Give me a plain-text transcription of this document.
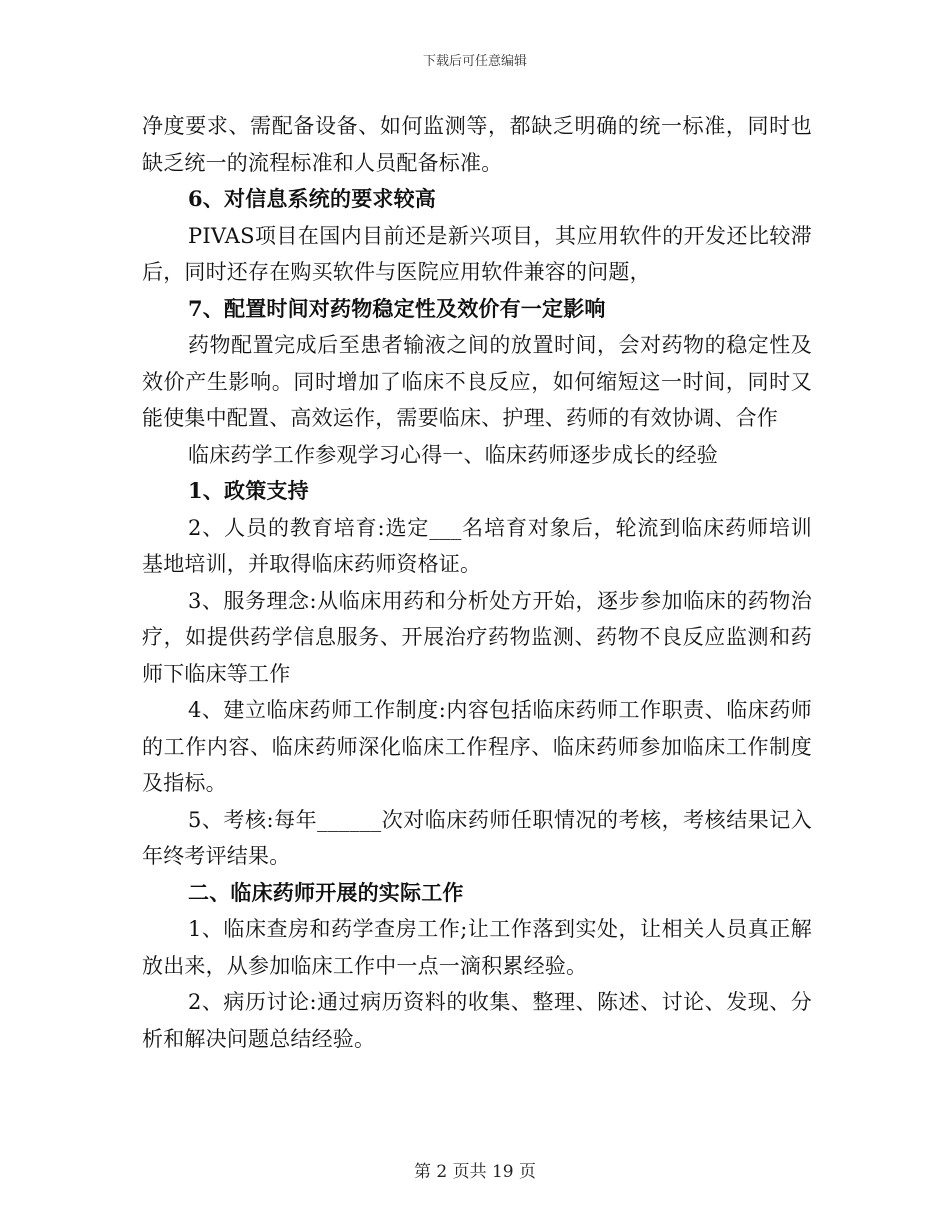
下载后可任意编辑

净度要求、需配备设备、如何监测等，都缺乏明确的统一标准，同时也缺乏统一的流程标准和人员配备标准。

6、对信息系统的要求较高

PIVAS项目在国内目前还是新兴项目，其应用软件的开发还比较滞后，同时还存在购买软件与医院应用软件兼容的问题，

7、配置时间对药物稳定性及效价有一定影响

药物配置完成后至患者输液之间的放置时间，会对药物的稳定性及效价产生影响。同时增加了临床不良反应，如何缩短这一时间，同时又能使集中配置、高效运作，需要临床、护理、药师的有效协调、合作

临床药学工作参观学习心得一、临床药师逐步成长的经验

1、政策支持

2、人员的教育培育:选定___名培育对象后，轮流到临床药师培训基地培训，并取得临床药师资格证。

3、服务理念:从临床用药和分析处方开始，逐步参加临床的药物治疗，如提供药学信息服务、开展治疗药物监测、药物不良反应监测和药师下临床等工作

4、建立临床药师工作制度:内容包括临床药师工作职责、临床药师的工作内容、临床药师深化临床工作程序、临床药师参加临床工作制度及指标。

5、考核:每年______次对临床药师任职情况的考核，考核结果记入年终考评结果。

二、临床药师开展的实际工作

1、临床查房和药学查房工作;让工作落到实处，让相关人员真正解放出来，从参加临床工作中一点一滴积累经验。

2、病历讨论:通过病历资料的收集、整理、陈述、讨论、发现、分析和解决问题总结经验。

第 2 页共 19 页
